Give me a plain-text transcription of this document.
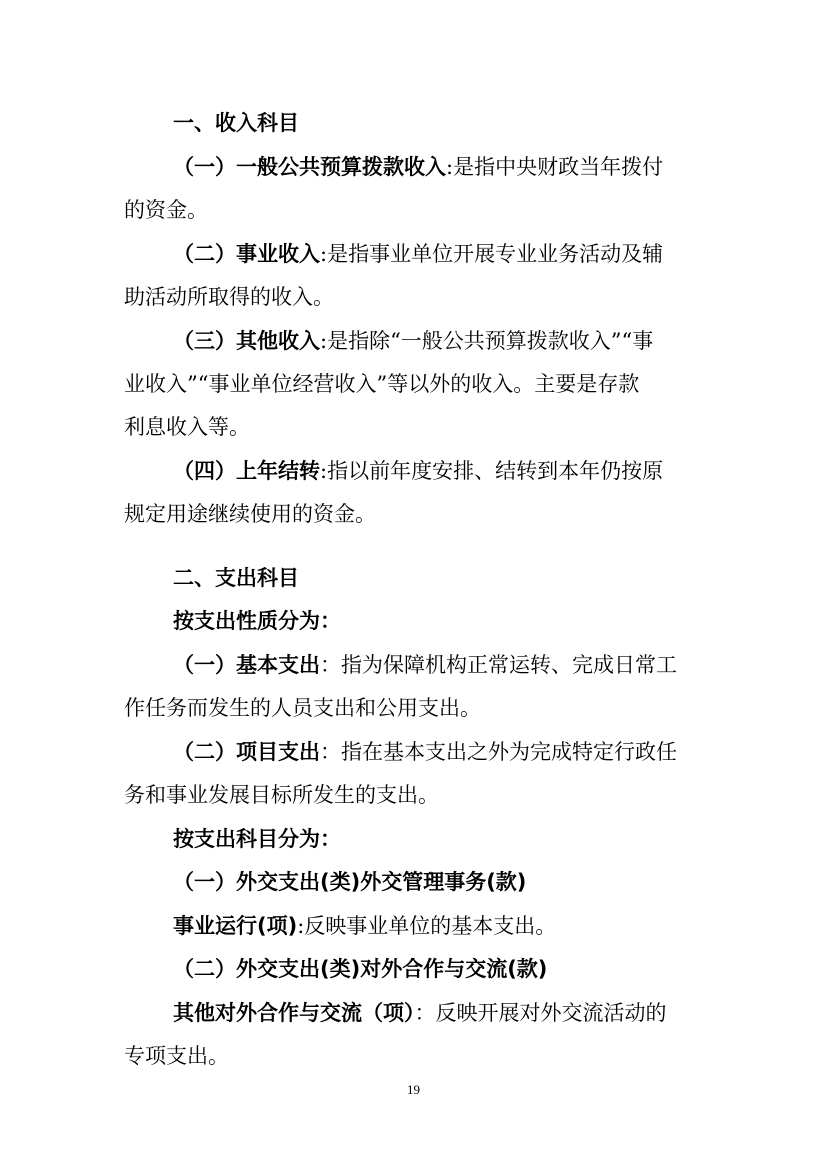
一、收入科目
（一）一般公共预算拨款收入:是指中央财政当年拨付
的资金。
（二）事业收入:是指事业单位开展专业业务活动及辅
助活动所取得的收入。
（三）其他收入:是指除“一般公共预算拨款收入”“事
业收入”“事业单位经营收入”等以外的收入。主要是存款
利息收入等。
（四）上年结转:指以前年度安排、结转到本年仍按原
规定用途继续使用的资金。
二、支出科目
按支出性质分为：
（一）基本支出：指为保障机构正常运转、完成日常工
作任务而发生的人员支出和公用支出。
（二）项目支出：指在基本支出之外为完成特定行政任
务和事业发展目标所发生的支出。
按支出科目分为：
（一）外交支出(类)外交管理事务(款)
事业运行(项):反映事业单位的基本支出。
（二）外交支出(类)对外合作与交流(款)
其他对外合作与交流（项）：反映开展对外交流活动的
专项支出。
19
